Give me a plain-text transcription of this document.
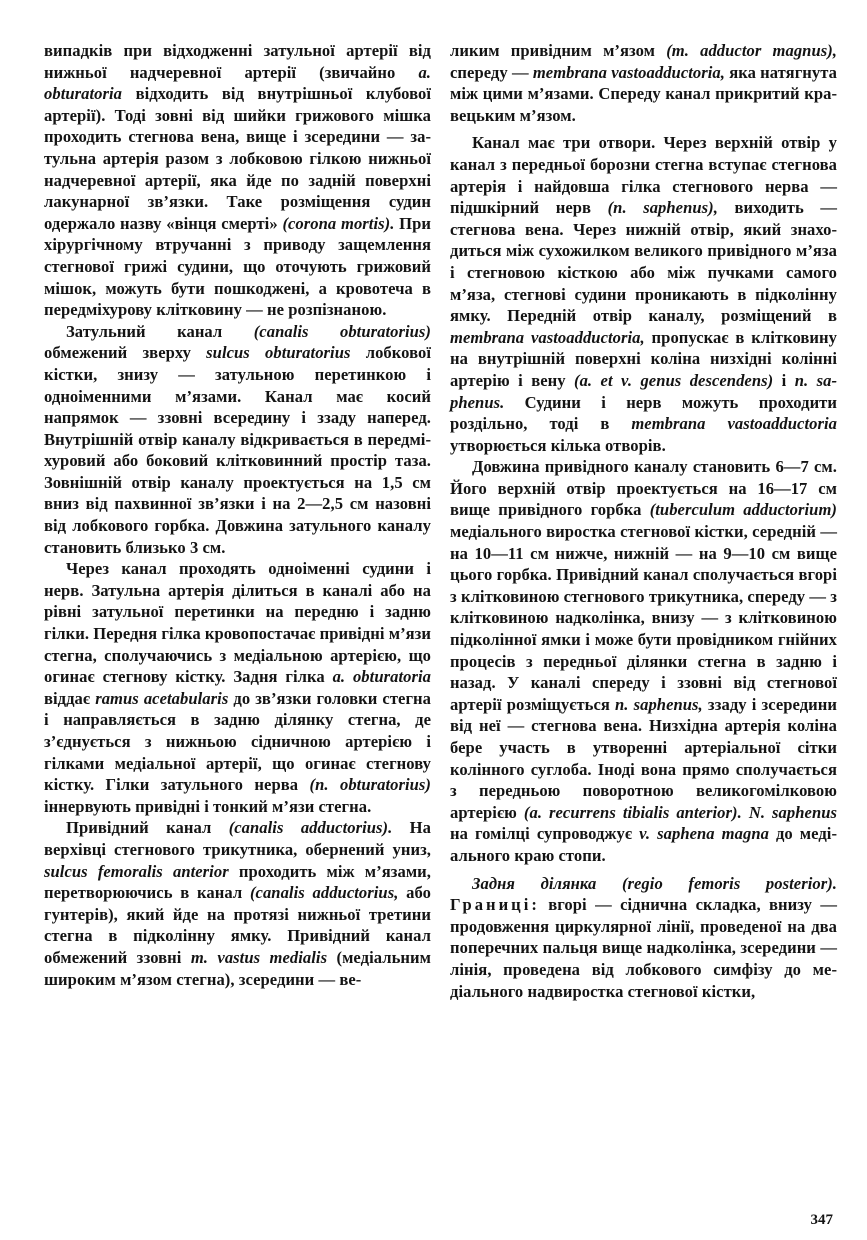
випадків при відходженні затульної артерії від нижньої надчеревної артерії (звичайно a. obturatoria відходить від внутрішньої клубової артерії). Тоді зовні від шийки грижового мішка проходить стегнова вена, вище і зсередини — затульна артерія разом з лобковою гілкою нижньої надчеревної артерії, яка йде по задній поверхні лакунарної зв’язки. Таке розміщення судин одержало назву «вінця смерті» (corona mortis). При хірургічному втручанні з приводу защемлення стегнової грижі судини, що оточують грижовий мішок, можуть бути пошкоджені, а кровотеча в передміхурову клітковину — не розпізнаною.

Затульний канал (canalis obturatorius) обмежений зверху sulcus obturatorius лобкової кістки, знизу — затульною перетинкою і одноіменними м’язами. Канал має косий напрямок — ззовні всередину і ззаду наперед. Внутрішній отвір каналу відкривається в передміхуровий або боковий клітковинний простір таза. Зовнішній отвір каналу проектується на 1,5 см вниз від пахвинної зв’язки і на 2—2,5 см назовні від лобкового горбка. Довжина затульного каналу становить близько 3 см.

Через канал проходять одноіменні судини і нерв. Затульна артерія ділиться в каналі або на рівні затульної перетинки на передню і задню гілки. Передня гілка кровопостачає привідні м’язи стегна, сполучаючись з медіальною артерією, що огинає стегнову кістку. Задня гілка a. obturatoria віддає ramus acetabularis до зв’язки головки стегна і направляється в задню ділянку стегна, де з’єднується з нижньою сідничною артерією і гілками медіальної артерії, що огинає стегнову кістку. Гілки затульного нерва (n. obturatorius) іннервують привідні і тонкий м’язи стегна.

Привідний канал (canalis adductorius). На верхівці стегнового трикутника, обернений униз, sulcus femoralis anterior проходить між м’язами, перетворюючись в канал (canalis adductorius, або гунтерів), який йде на протязі нижньої третини стегна в підколінну ямку. Привідний канал обмежений ззовні m. vastus medialis (медіальним широким м’язом стегна), зсередини — ве-

ликим привідним м’язом (m. adductor magnus), спереду — membrana vastoadductoria, яка натягнута між цими м’язами. Спереду канал прикритий кравецьким м’язом.

Канал має три отвори. Через верхній отвір у канал з передньої борозни стегна вступає стегнова артерія і найдовша гілка стегнового нерва — підшкірний нерв (n. saphenus), виходить — стегнова вена. Через нижній отвір, який знаходиться між сухожилком великого привідного м’яза і стегновою кісткою або між пучками самого м’яза, стегнові судини проникають в підколінну ямку. Передній отвір каналу, розміщений в membrana vastoadductoria, пропускає в клітковину на внутрішній поверхні коліна низхідні колінні артерію і вену (a. et v. genus descendens) і n. saphenus. Судини і нерв можуть проходити роздільно, тоді в membrana vastoadductoria утворюється кілька отворів.

Довжина привідного каналу становить 6—7 см. Його верхній отвір проектується на 16—17 см вище привідного горбка (tuberculum adductorium) медіального виростка стегнової кістки, середній — на 10—11 см нижче, нижній — на 9—10 см вище цього горбка. Привідний канал сполучається вгорі з клітковиною стегнового трикутника, спереду — з клітковиною надколінка, внизу — з клітковиною підколінної ямки і може бути провідником гнійних процесів з передньої ділянки стегна в задню і назад. У каналі спереду і ззовні від стегнової артерії розміщується n. saphenus, ззаду і зсередини від неї — стегнова вена. Низхідна артерія коліна бере участь в утворенні артеріальної сітки колінного суглоба. Іноді вона прямо сполучається з передньою поворотною великогомілковою артерією (a. recurrens tibialis anterior). N. saphenus на гомілці супроводжує v. saphena magna до медіального краю стопи.

Задня ділянка (regio femoris posterior). Границі: вгорі — сіднична складка, внизу — продовження циркулярної лінії, проведеної на два поперечних пальця вище надколінка, зсередини — лінія, проведена від лобкового симфізу до медіального надвиростка стегнової кістки,

347
